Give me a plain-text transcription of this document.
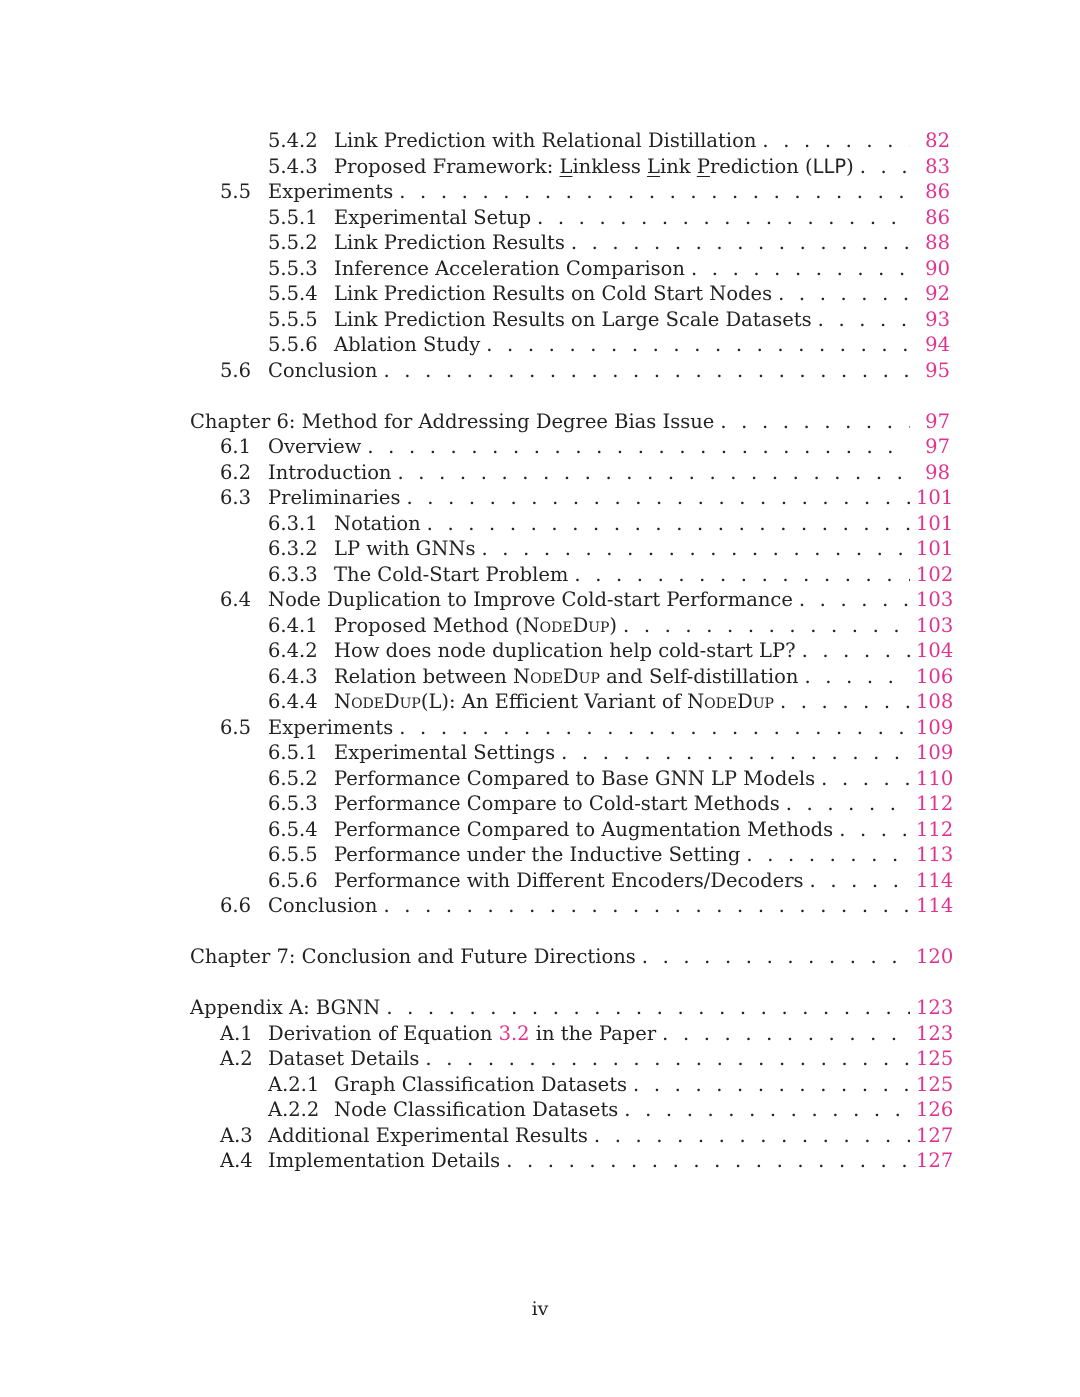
5.4.2 Link Prediction with Relational Distillation . . .	82
5.4.3 Proposed Framework: Linkless Link Prediction (LLP) . . .	83
5.5 Experiments . . .	86
5.5.1 Experimental Setup . . .	86
5.5.2 Link Prediction Results . . .	88
5.5.3 Inference Acceleration Comparison . . .	90
5.5.4 Link Prediction Results on Cold Start Nodes . . .	92
5.5.5 Link Prediction Results on Large Scale Datasets . . .	93
5.5.6 Ablation Study . . .	94
5.6 Conclusion . . .	95
Chapter 6: Method for Addressing Degree Bias Issue . . .	97
6.1 Overview . . .	97
6.2 Introduction . . .	98
6.3 Preliminaries . . .	101
6.3.1 Notation . . .	101
6.3.2 LP with GNNs . . .	101
6.3.3 The Cold-Start Problem . . .	102
6.4 Node Duplication to Improve Cold-start Performance . . .	103
6.4.1 Proposed Method (NodeDup) . . .	103
6.4.2 How does node duplication help cold-start LP? . . .	104
6.4.3 Relation between NodeDup and Self-distillation . . .	106
6.4.4 NodeDup(L): An Efficient Variant of NodeDup . . .	108
6.5 Experiments . . .	109
6.5.1 Experimental Settings . . .	109
6.5.2 Performance Compared to Base GNN LP Models . . .	110
6.5.3 Performance Compare to Cold-start Methods . . .	112
6.5.4 Performance Compared to Augmentation Methods . . .	112
6.5.5 Performance under the Inductive Setting . . .	113
6.5.6 Performance with Different Encoders/Decoders . . .	114
6.6 Conclusion . . .	114
Chapter 7: Conclusion and Future Directions . . .	120
Appendix A: BGNN . . .	123
A.1 Derivation of Equation 3.2 in the Paper . . .	123
A.2 Dataset Details . . .	125
A.2.1 Graph Classification Datasets . . .	125
A.2.2 Node Classification Datasets . . .	126
A.3 Additional Experimental Results . . .	127
A.4 Implementation Details . . .	127
iv
